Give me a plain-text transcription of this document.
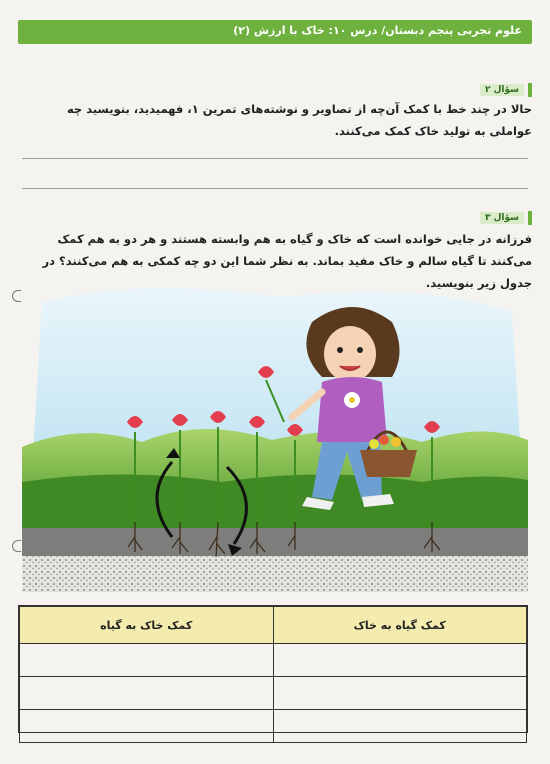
علوم تجربی پنجم دبستان/ درس ۱۰: خاک با ارزش (۲)
سؤال ۲
حالا در چند خط با کمک آن‌چه از تصاویر و نوشته‌های تمرین ۱، فهمیدید، بنویسید چه عواملی به تولید خاک کمک می‌کنند.
سؤال ۳
فرزانه در جایی خوانده است که خاک و گیاه به هم وابسته هستند و هر دو به هم کمک می‌کنند تا گیاه سالم و خاک مفید بماند. به نظر شما این دو چه کمکی به هم می‌کنند؟ در جدول زیر بنویسید.
کمک گیاه به خاک	کمک خاک به گیاه
